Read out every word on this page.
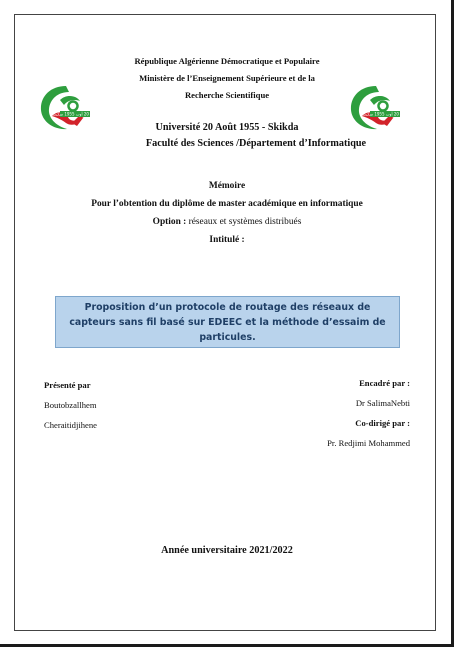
République Algérienne Démocratique et Populaire
Ministère de l’Enseignement Supérieure et de la
Recherche Scientifique
جامعة 20 أوت 1955 سكيكدة	جامعة 20 أوت 1955 سكيكدة
Université 20 Août 1955 - Skikda
Faculté des Sciences /Département d’Informatique
Mémoire
Pour l’obtention du diplôme de master académique en informatique
Option : réseaux et systèmes distribués
Intitulé :
Proposition d’un protocole de routage des réseaux de capteurs sans fil basé sur EDEEC et la méthode d’essaim de particules.
Présenté par
Boutobzallhem
Cheraitidjihene
Encadré par :
Dr SalimaNebti
Co-dirigé par :
Pr. Redjimi Mohammed
Année universitaire 2021/2022
